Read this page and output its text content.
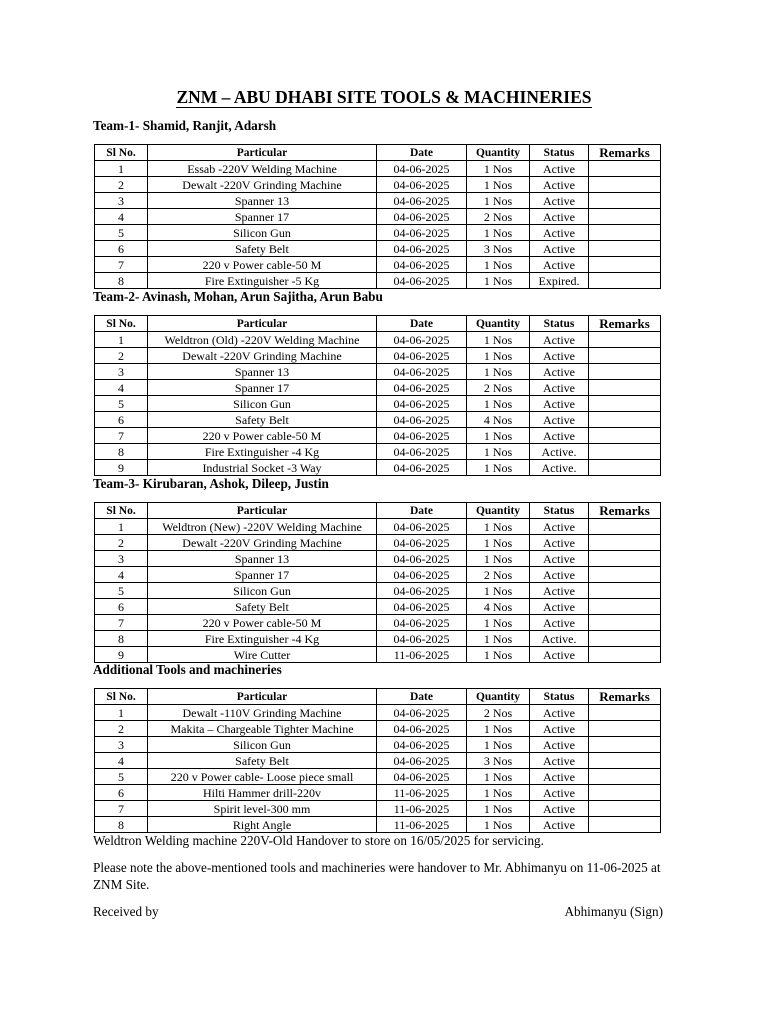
ZNM – ABU DHABI SITE TOOLS & MACHINERIES
Team-1- Shamid, Ranjit, Adarsh
Sl No.	Particular	Date	Quantity	Status	Remarks
1	Essab -220V Welding Machine	04-06-2025	1 Nos	Active	
2	Dewalt -220V Grinding Machine	04-06-2025	1 Nos	Active	
3	Spanner 13	04-06-2025	1 Nos	Active	
4	Spanner 17	04-06-2025	2 Nos	Active	
5	Silicon Gun	04-06-2025	1 Nos	Active	
6	Safety Belt	04-06-2025	3 Nos	Active	
7	220 v Power cable-50 M	04-06-2025	1 Nos	Active	
8	Fire Extinguisher -5 Kg	04-06-2025	1 Nos	Expired.	
Team-2- Avinash, Mohan, Arun Sajitha, Arun Babu
Sl No.	Particular	Date	Quantity	Status	Remarks
1	Weldtron (Old) -220V Welding Machine	04-06-2025	1 Nos	Active	
2	Dewalt -220V Grinding Machine	04-06-2025	1 Nos	Active	
3	Spanner 13	04-06-2025	1 Nos	Active	
4	Spanner 17	04-06-2025	2 Nos	Active	
5	Silicon Gun	04-06-2025	1 Nos	Active	
6	Safety Belt	04-06-2025	4 Nos	Active	
7	220 v Power cable-50 M	04-06-2025	1 Nos	Active	
8	Fire Extinguisher -4 Kg	04-06-2025	1 Nos	Active.	
9	Industrial Socket -3 Way	04-06-2025	1 Nos	Active.	
Team-3- Kirubaran, Ashok, Dileep, Justin
Sl No.	Particular	Date	Quantity	Status	Remarks
1	Weldtron (New) -220V Welding Machine	04-06-2025	1 Nos	Active	
2	Dewalt -220V Grinding Machine	04-06-2025	1 Nos	Active	
3	Spanner 13	04-06-2025	1 Nos	Active	
4	Spanner 17	04-06-2025	2 Nos	Active	
5	Silicon Gun	04-06-2025	1 Nos	Active	
6	Safety Belt	04-06-2025	4 Nos	Active	
7	220 v Power cable-50 M	04-06-2025	1 Nos	Active	
8	Fire Extinguisher -4 Kg	04-06-2025	1 Nos	Active.	
9	Wire Cutter	11-06-2025	1 Nos	Active	
Additional Tools and machineries
Sl No.	Particular	Date	Quantity	Status	Remarks
1	Dewalt -110V Grinding Machine	04-06-2025	2 Nos	Active	
2	Makita – Chargeable Tighter Machine	04-06-2025	1 Nos	Active	
3	Silicon Gun	04-06-2025	1 Nos	Active	
4	Safety Belt	04-06-2025	3 Nos	Active	
5	220 v Power cable- Loose piece small	04-06-2025	1 Nos	Active	
6	Hilti Hammer drill-220v	11-06-2025	1 Nos	Active	
7	Spirit level-300 mm	11-06-2025	1 Nos	Active	
8	Right Angle	11-06-2025	1 Nos	Active	
Weldtron Welding machine 220V-Old Handover to store on 16/05/2025 for servicing.
Please note the above-mentioned tools and machineries were handover to Mr. Abhimanyu on 11-06-2025 at ZNM Site.
Received by	Abhimanyu (Sign)
